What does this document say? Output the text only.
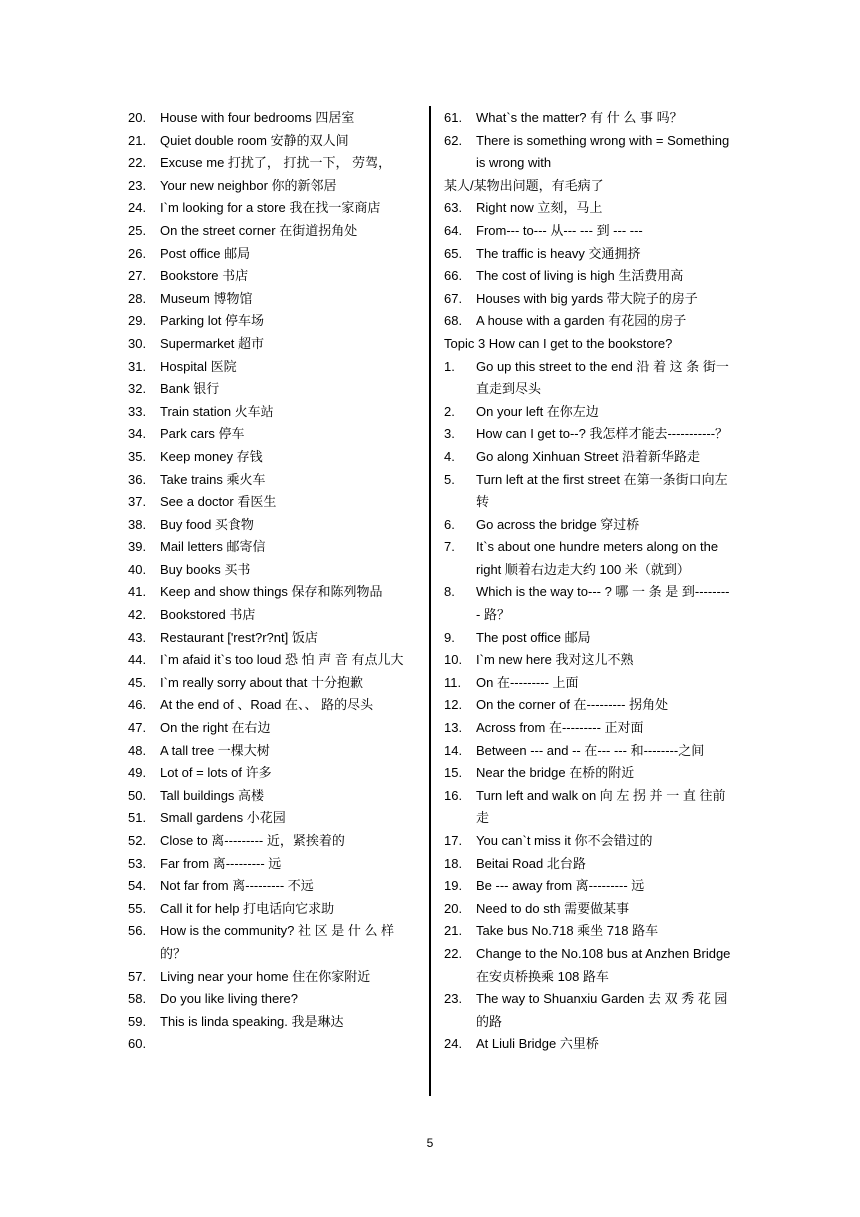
20.	House with four bedrooms 四居室
21.	Quiet double room 安静的双人间
22.	Excuse me 打扰了， 打扰一下， 劳驾，
23.	Your new neighbor 你的新邻居
24.	I`m looking for a store 我在找一家商店
25.	On the street corner 在街道拐角处
26.	Post office 邮局
27.	Bookstore 书店
28.	Museum 博物馆
29.	Parking lot 停车场
30.	Supermarket 超市
31.	Hospital 医院
32.	Bank 银行
33.	Train station 火车站
34.	Park cars 停车
35.	Keep money 存钱
36.	Take trains 乘火车
37.	See a doctor 看医生
38.	Buy food 买食物
39.	Mail letters 邮寄信
40.	Buy books 买书
41.	Keep and show things 保存和陈列物品
42.	Bookstored 书店
43.	Restaurant ['rest?r?nt] 饭店
44.	I`m afaid it`s too loud 恐 怕 声 音 有点儿大
45.	I`m really sorry about that 十分抱歉
46.	At the end of 、Road 在、、 路的尽头
47.	On the right 在右边
48.	A tall tree 一棵大树
49.	Lot of = lots of 许多
50.	Tall buildings 高楼
51.	Small gardens 小花园
52.	Close to 离--------- 近，紧挨着的
53.	Far from 离--------- 远
54.	Not far from 离--------- 不远
55.	Call it for help 打电话向它求助
56.	How is the community? 社 区 是 什 么 样 的？
57.	Living near your home 住在你家附近
58.	Do you like living there?
59.	This is linda speaking. 我是琳达
60.
61.	What`s the matter? 有 什 么 事 吗？
62.	There is something wrong with = Something is wrong with
某人/某物出问题，有毛病了
63.	Right now 立刻，马上
64.	From--- to--- 从--- --- 到 --- ---
65.	The traffic is heavy 交通拥挤
66.	The cost of living is high 生活费用高
67.	Houses with big yards 带大院子的房子
68.	A house with a garden 有花园的房子
Topic 3 How can I get to the bookstore?
1.	Go up this street to the end 沿 着 这 条 街一直走到尽头
2.	On your left 在你左边
3.	How can I get to--? 我怎样才能去-----------？
4.	Go along Xinhuan Street 沿着新华路走
5.	Turn left at the first street 在第一条街口向左转
6.	Go across the bridge 穿过桥
7.	It`s about one hundre meters along on the right 顺着右边走大约 100 米（就到）
8.	Which is the way to--- ? 哪 一 条 是 到--------- 路？
9.	The post office 邮局
10.	I`m new here 我对这儿不熟
11.	On 在--------- 上面
12.	On the corner of 在--------- 拐角处
13.	Across from 在--------- 正对面
14.	Between --- and -- 在--- --- 和--------之间
15.	Near the bridge 在桥的附近
16.	Turn left and walk on 向 左 拐 并 一 直 往前走
17.	You can`t miss it 你不会错过的
18.	Beitai Road 北台路
19.	Be --- away from 离--------- 远
20.	Need to do sth 需要做某事
21.	Take bus No.718 乘坐 718 路车
22.	Change to the No.108 bus at Anzhen Bridge 在安贞桥换乘 108 路车
23.	The way to Shuanxiu Garden 去 双 秀 花 园的路
24.	At Liuli Bridge 六里桥
5
